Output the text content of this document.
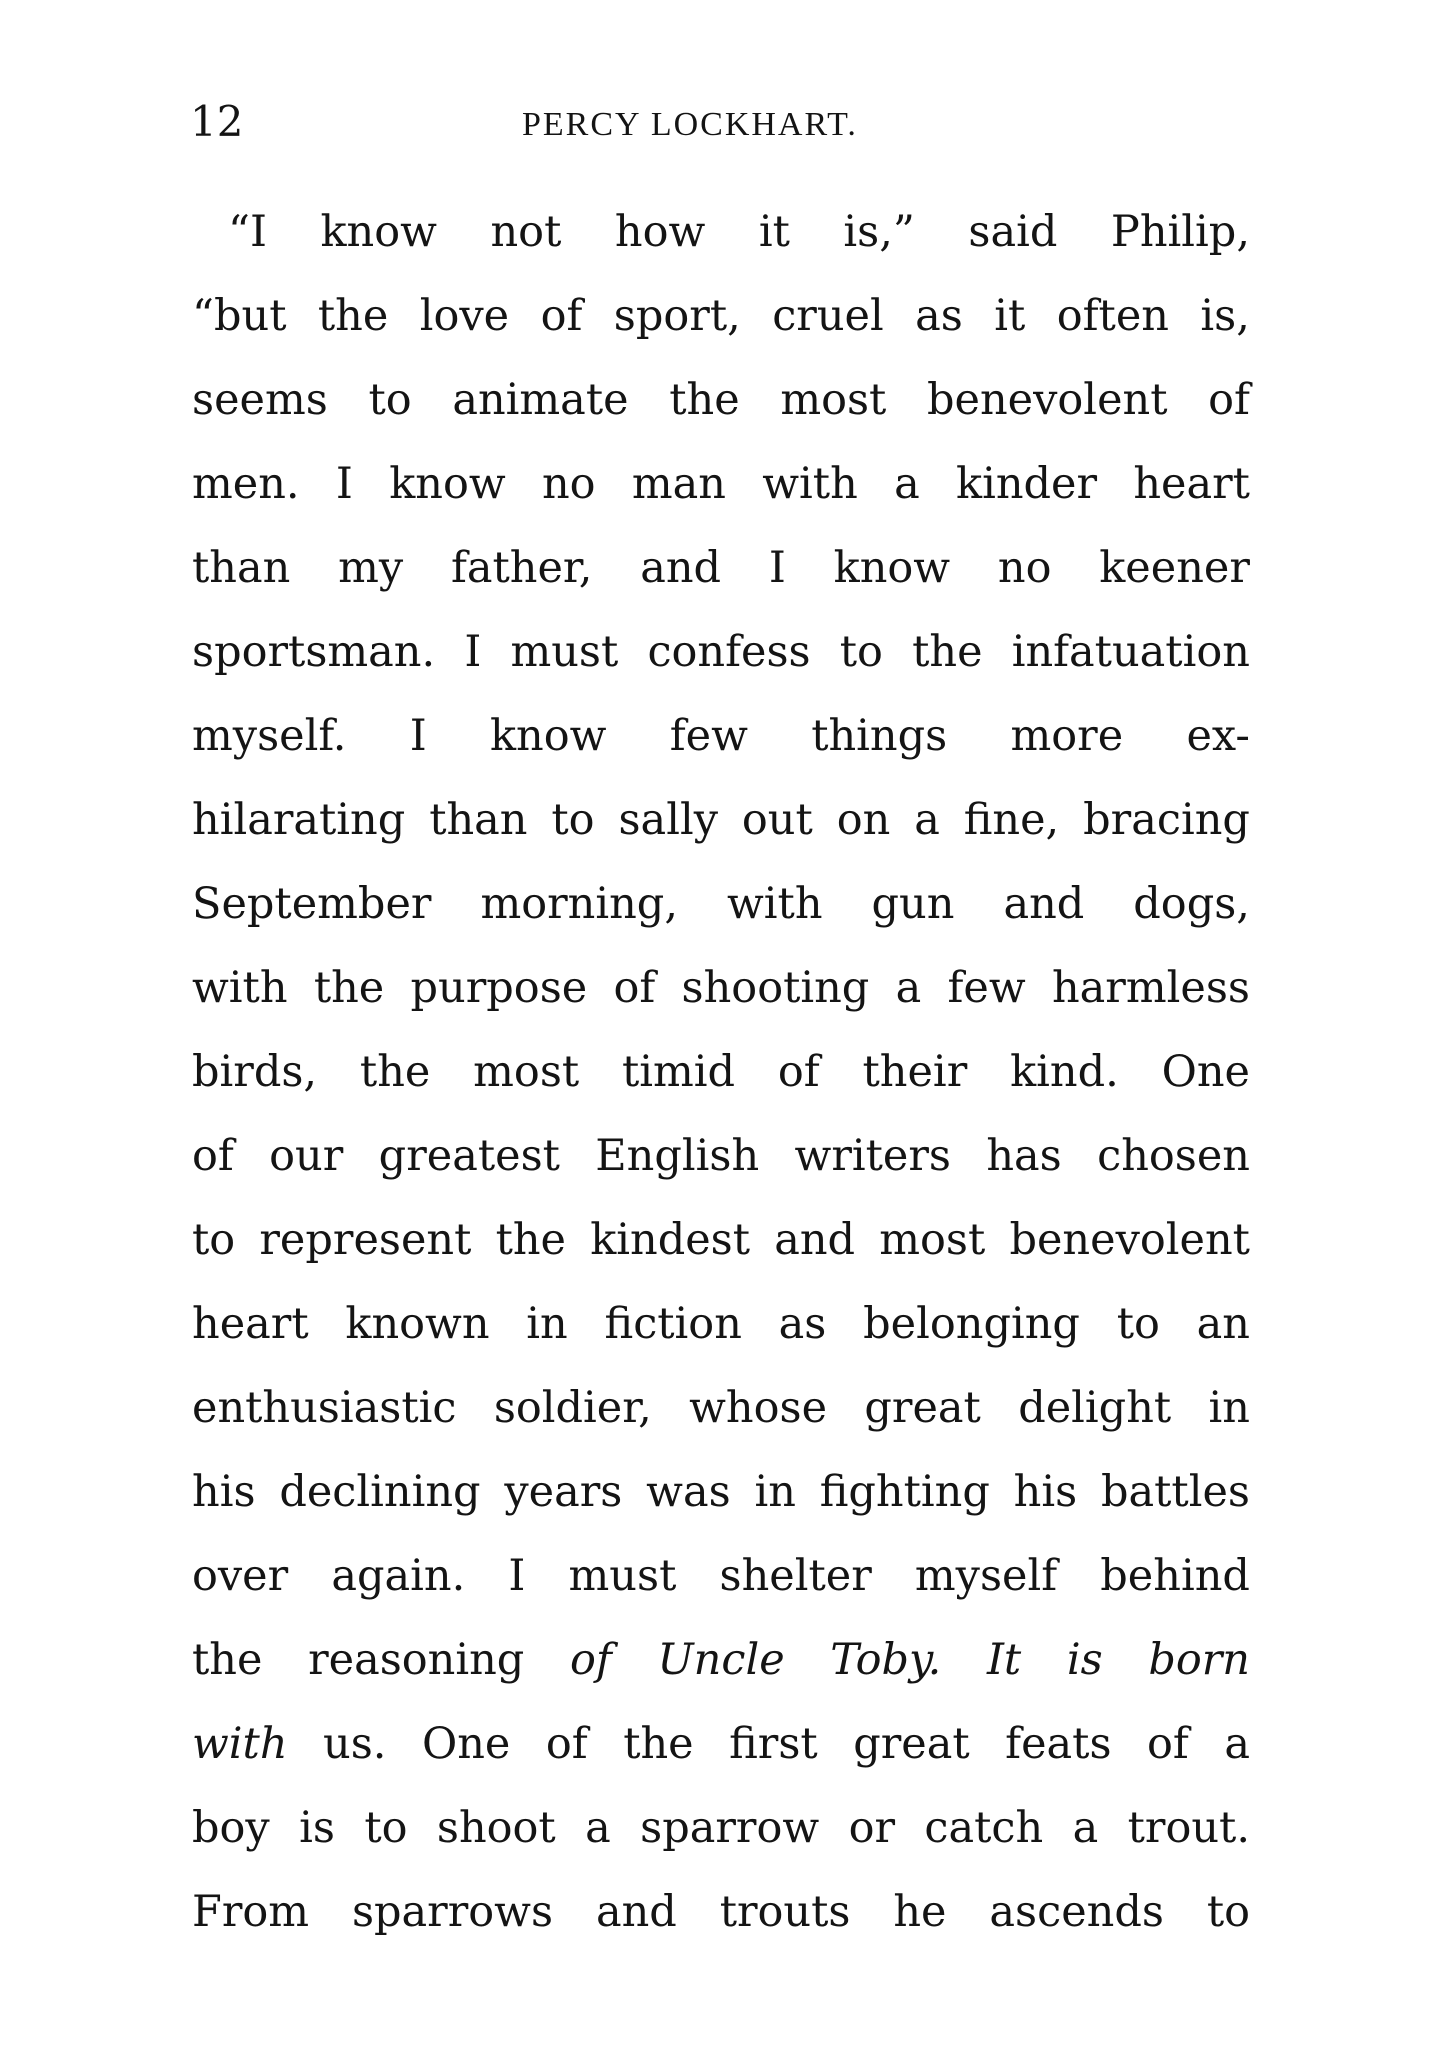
12	PERCY LOCKHART.
“I know not how it is,” said Philip,
“but the love of sport, cruel as it often is,
seems to animate the most benevolent of
men. I know no man with a kinder heart
than my father, and I know no keener
sportsman. I must confess to the infatuation
myself. I know few things more ex-
hilarating than to sally out on a fine, bracing
September morning, with gun and dogs,
with the purpose of shooting a few harmless
birds, the most timid of their kind. One
of our greatest English writers has chosen
to represent the kindest and most benevolent
heart known in fiction as belonging to an
enthusiastic soldier, whose great delight in
his declining years was in fighting his battles
over again. I must shelter myself behind
the reasoning of Uncle Toby. It is born
with us. One of the first great feats of a
boy is to shoot a sparrow or catch a trout.
From sparrows and trouts he ascends to
